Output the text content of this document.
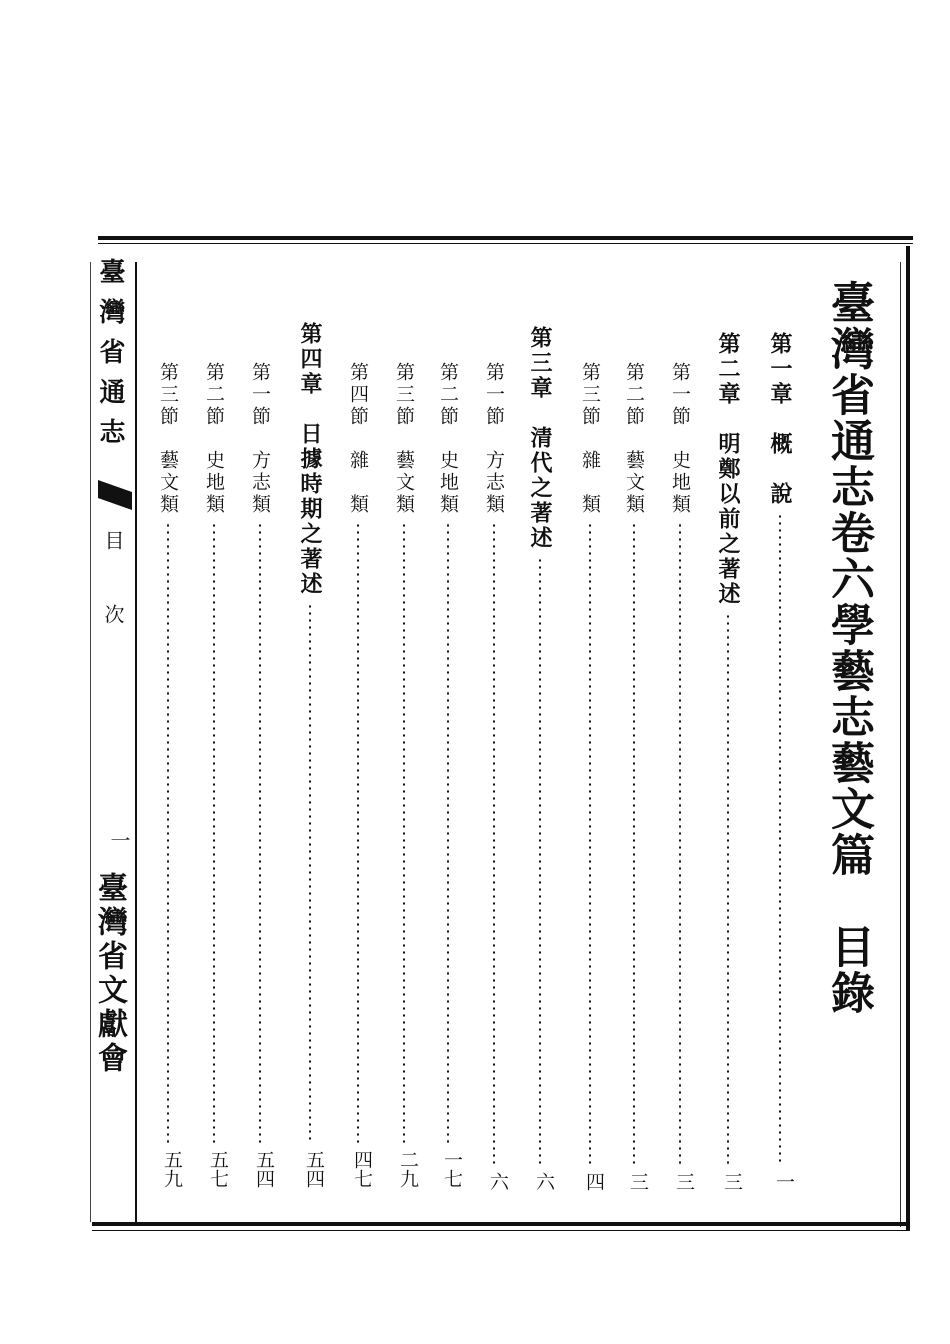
臺灣省通志卷六學藝志藝文篇　目錄
臺灣省通志
目次
一
臺灣省文獻會
第一章　概　說
一
第二章　明鄭以前之著述
三
第一節　史地類
三
第二節　藝文類
三
第三節　雜　類
四
第三章　清代之著述
六
第一節　方志類
六
第二節　史地類
一七
第三節　藝文類
二九
第四節　雜　類
四七
第四章　日據時期之著述
五四
第一節　方志類
五四
第二節　史地類
五七
第三節　藝文類
五九
